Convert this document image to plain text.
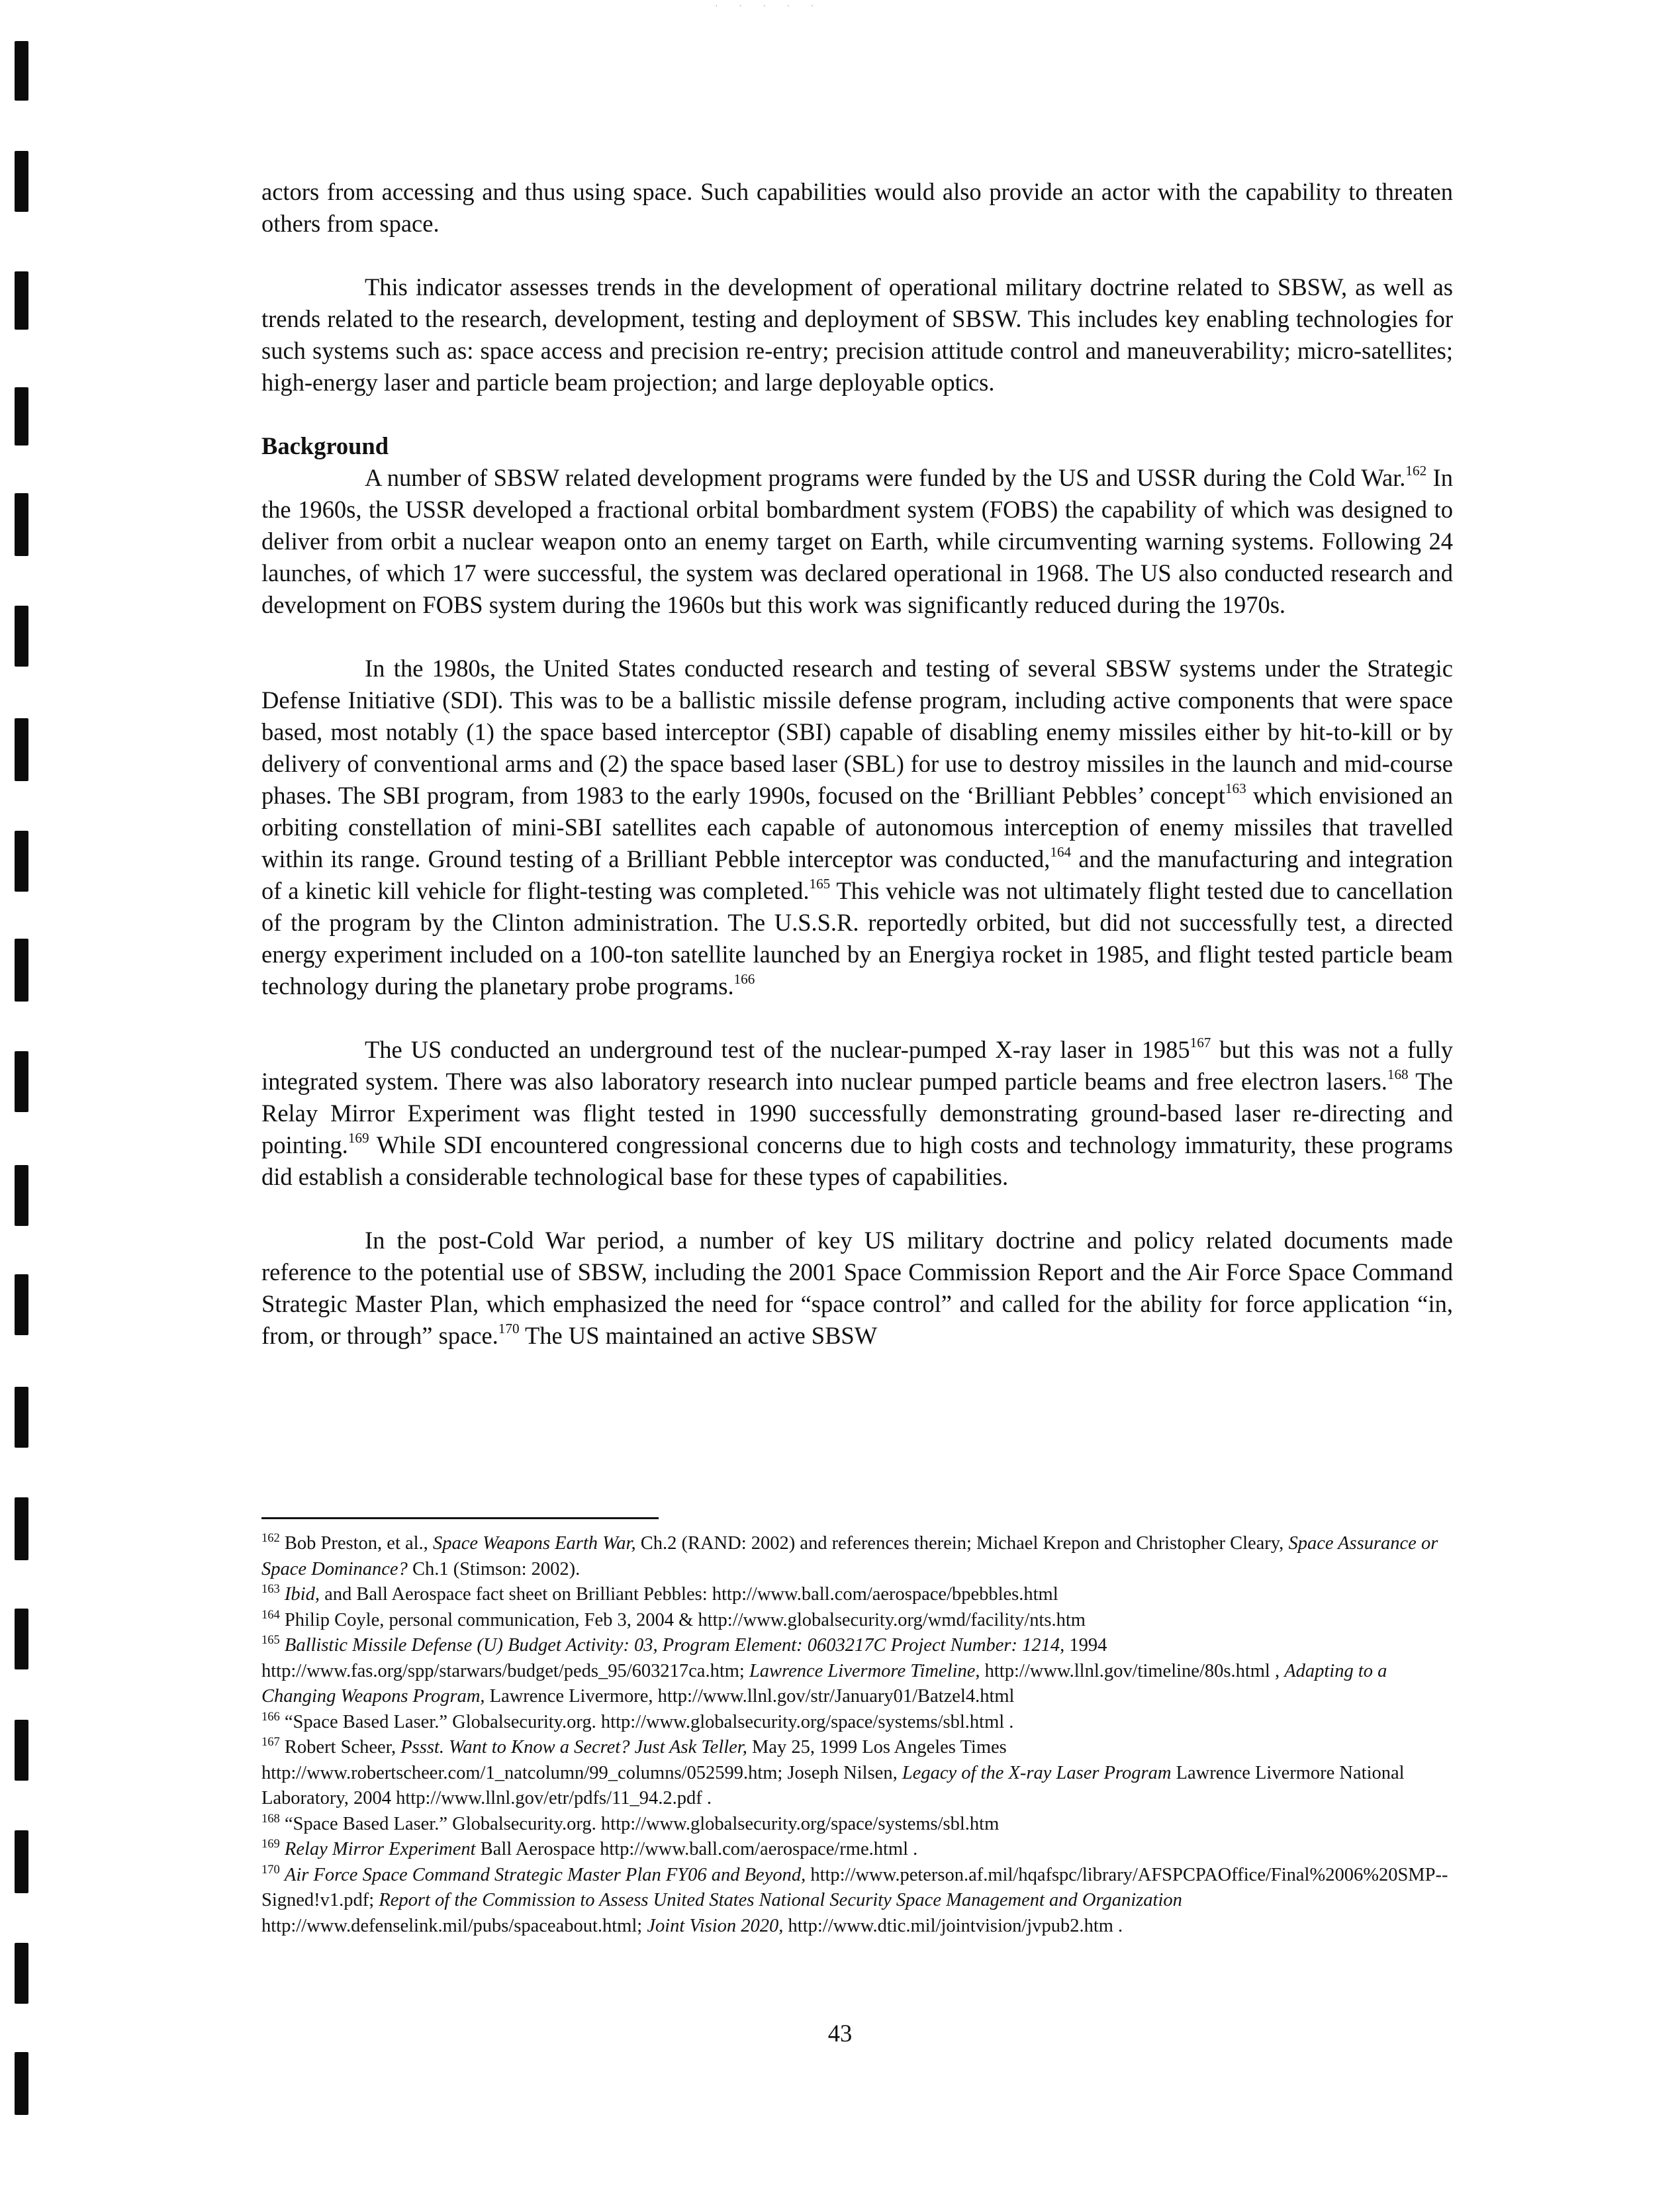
˙ ˙ ˙ ˙ ˙

actors from accessing and thus using space. Such capabilities would also provide an actor with the capability to threaten others from space.

This indicator assesses trends in the development of operational military doctrine related to SBSW, as well as trends related to the research, development, testing and deployment of SBSW. This includes key enabling technologies for such systems such as: space access and precision re-entry; precision attitude control and maneuverability; micro-satellites; high-energy laser and particle beam projection; and large deployable optics.

Background

A number of SBSW related development programs were funded by the US and USSR during the Cold War.$^{162}$ In the 1960s, the USSR developed a fractional orbital bombardment system (FOBS) the capability of which was designed to deliver from orbit a nuclear weapon onto an enemy target on Earth, while circumventing warning systems. Following 24 launches, of which 17 were successful, the system was declared operational in 1968. The US also conducted research and development on FOBS system during the 1960s but this work was significantly reduced during the 1970s.

In the 1980s, the United States conducted research and testing of several SBSW systems under the Strategic Defense Initiative (SDI). This was to be a ballistic missile defense program, including active components that were space based, most notably (1) the space based interceptor (SBI) capable of disabling enemy missiles either by hit-to-kill or by delivery of conventional arms and (2) the space based laser (SBL) for use to destroy missiles in the launch and mid-course phases. The SBI program, from 1983 to the early 1990s, focused on the ‘Brilliant Pebbles’ concept$^{163}$ which envisioned an orbiting constellation of mini-SBI satellites each capable of autonomous interception of enemy missiles that travelled within its range. Ground testing of a Brilliant Pebble interceptor was conducted,$^{164}$ and the manufacturing and integration of a kinetic kill vehicle for flight-testing was completed.$^{165}$ This vehicle was not ultimately flight tested due to cancellation of the program by the Clinton administration. The U.S.S.R. reportedly orbited, but did not successfully test, a directed energy experiment included on a 100-ton satellite launched by an Energiya rocket in 1985, and flight tested particle beam technology during the planetary probe programs.$^{166}$

The US conducted an underground test of the nuclear-pumped X-ray laser in 1985$^{167}$ but this was not a fully integrated system. There was also laboratory research into nuclear pumped particle beams and free electron lasers.$^{168}$ The Relay Mirror Experiment was flight tested in 1990 successfully demonstrating ground-based laser re-directing and pointing.$^{169}$ While SDI encountered congressional concerns due to high costs and technology immaturity, these programs did establish a considerable technological base for these types of capabilities.

In the post-Cold War period, a number of key US military doctrine and policy related documents made reference to the potential use of SBSW, including the 2001 Space Commission Report and the Air Force Space Command Strategic Master Plan, which emphasized the need for “space control” and called for the ability for force application “in, from, or through” space.$^{170}$ The US maintained an active SBSW

$^{162}$ Bob Preston, et al., Space Weapons Earth War, Ch.2 (RAND: 2002) and references therein; Michael Krepon and Christopher Cleary, Space Assurance or Space Dominance? Ch.1 (Stimson: 2002).

$^{163}$ Ibid, and Ball Aerospace fact sheet on Brilliant Pebbles: http://www.ball.com/aerospace/bpebbles.html

$^{164}$ Philip Coyle, personal communication, Feb 3, 2004 & http://www.globalsecurity.org/wmd/facility/nts.htm

$^{165}$ Ballistic Missile Defense (U) Budget Activity: 03, Program Element: 0603217C Project Number: 1214, 1994 http://www.fas.org/spp/starwars/budget/peds_95/603217ca.htm; Lawrence Livermore Timeline, http://www.llnl.gov/timeline/80s.html , Adapting to a Changing Weapons Program, Lawrence Livermore, http://www.llnl.gov/str/January01/Batzel4.html

$^{166}$ “Space Based Laser.” Globalsecurity.org. http://www.globalsecurity.org/space/systems/sbl.html .

$^{167}$ Robert Scheer, Pssst. Want to Know a Secret? Just Ask Teller, May 25, 1999 Los Angeles Times http://www.robertscheer.com/1_natcolumn/99_columns/052599.htm; Joseph Nilsen, Legacy of the X-ray Laser Program Lawrence Livermore National Laboratory, 2004 http://www.llnl.gov/etr/pdfs/11_94.2.pdf .

$^{168}$ “Space Based Laser.” Globalsecurity.org. http://www.globalsecurity.org/space/systems/sbl.htm

$^{169}$ Relay Mirror Experiment Ball Aerospace http://www.ball.com/aerospace/rme.html .

$^{170}$ Air Force Space Command Strategic Master Plan FY06 and Beyond, http://www.peterson.af.mil/hqafspc/library/AFSPCPAOffice/Final%2006%20SMP--Signed!v1.pdf; Report of the Commission to Assess United States National Security Space Management and Organization http://www.defenselink.mil/pubs/spaceabout.html; Joint Vision 2020, http://www.dtic.mil/jointvision/jvpub2.htm .

43
